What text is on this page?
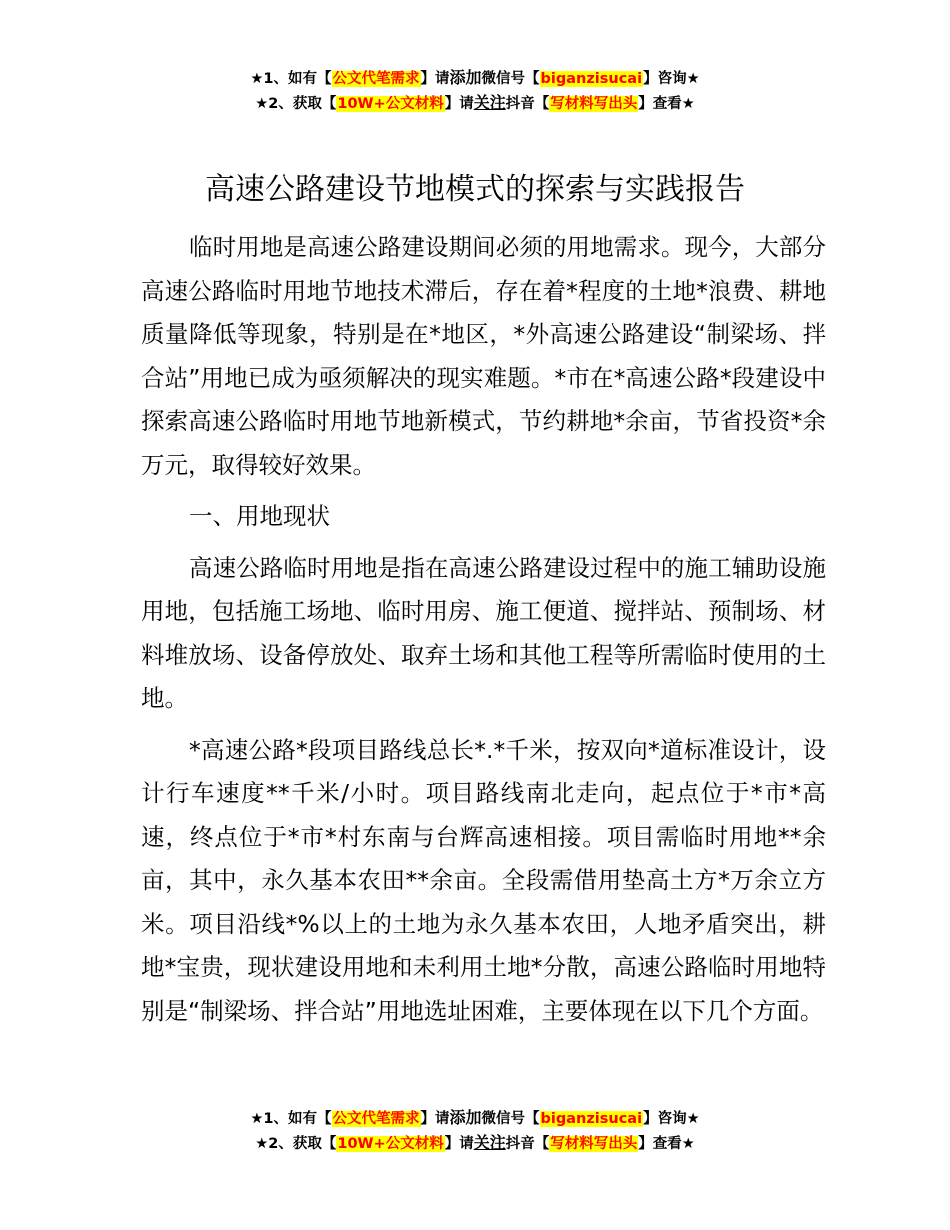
★1、如有【公文代笔需求】请添加微信号【biganzisucai】咨询★
★2、获取【10W+公文材料】请关注抖音【写材料写出头】查看★
高速公路建设节地模式的探索与实践报告

临时用地是高速公路建设期间必须的用地需求。现今，大部分高速公路临时用地节地技术滞后，存在着*程度的土地*浪费、耕地质量降低等现象，特别是在*地区，*外高速公路建设“制梁场、拌合站”用地已成为亟须解决的现实难题。*市在*高速公路*段建设中探索高速公路临时用地节地新模式，节约耕地*余亩，节省投资*余万元，取得较好效果。

一、用地现状

高速公路临时用地是指在高速公路建设过程中的施工辅助设施用地，包括施工场地、临时用房、施工便道、搅拌站、预制场、材料堆放场、设备停放处、取弃土场和其他工程等所需临时使用的土地。

*高速公路*段项目路线总长*.*千米，按双向*道标准设计，设计行车速度**千米/小时。项目路线南北走向，起点位于*市*高速，终点位于*市*村东南与台辉高速相接。项目需临时用地**余亩，其中，永久基本农田**余亩。全段需借用垫高土方*万余立方米。项目沿线*%以上的土地为永久基本农田，人地矛盾突出，耕地*宝贵，现状建设用地和未利用土地*分散，高速公路临时用地特别是“制梁场、拌合站”用地选址困难，主要体现在以下几个方面。

★1、如有【公文代笔需求】请添加微信号【biganzisucai】咨询★
★2、获取【10W+公文材料】请关注抖音【写材料写出头】查看★
